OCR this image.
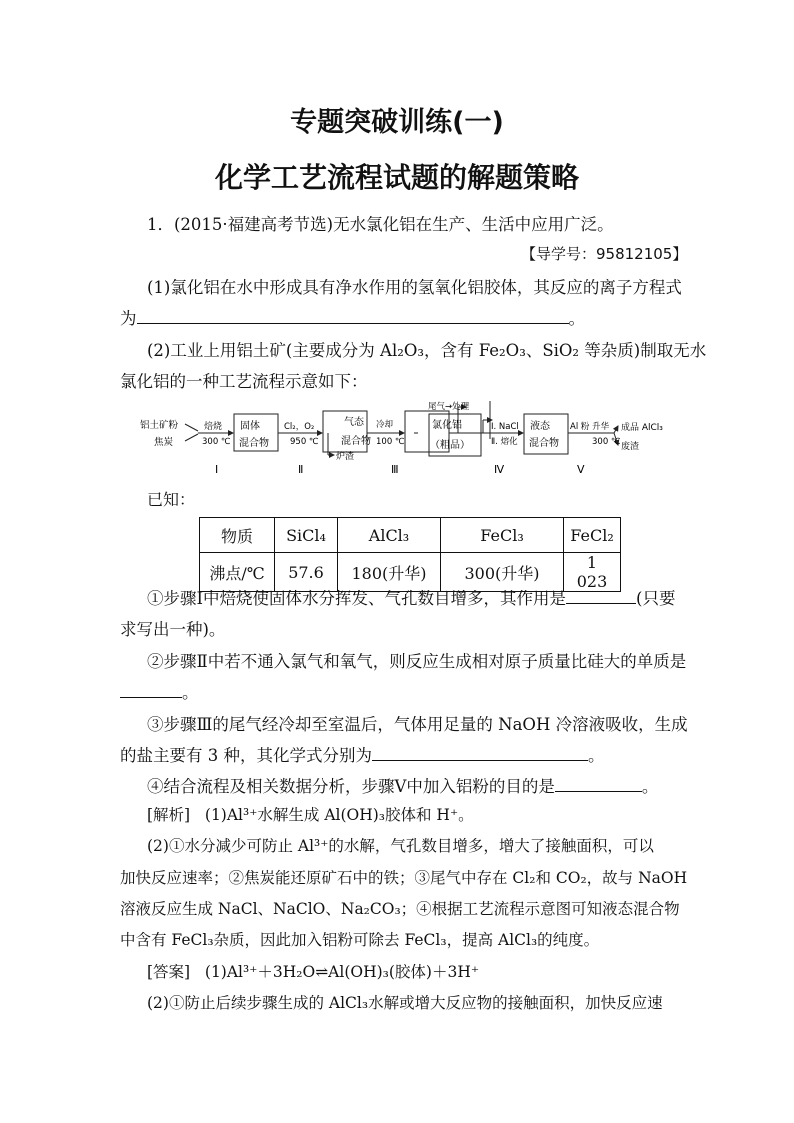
专题突破训练(一)
化学工艺流程试题的解题策略
1．(2015·福建高考节选)无水氯化铝在生产、生活中应用广泛。
【导学号：95812105】
(1)氯化铝在水中形成具有净水作用的氢氧化铝胶体，其反应的离子方程式
为	。
(2)工业上用铝土矿(主要成分为 Al₂O₃，含有 Fe₂O₃、SiO₂ 等杂质)制取无水
氯化铝的一种工艺流程示意如下：
铝土矿粉
焦炭
焙烧
300 ℃
固体
混合物
Cl₂，O₂
950 ℃
气态
混合物
炉渣
冷却
100 ℃
尾气→处理
氯化铝
（粗品）
Ⅰ. NaCl
Ⅱ. 熔化
液态
混合物
Al 粉 升华
300 ℃
成品 AlCl₃
废渣
Ⅰ	Ⅱ	Ⅲ	Ⅳ	Ⅴ
已知：
物质	SiCl₄	AlCl₃	FeCl₃	FeCl₂
沸点/℃	57.6	180(升华)	300(升华)	1 023
①步骤Ⅰ中焙烧使固体水分挥发、气孔数目增多，其作用是	(只要
求写出一种)。
②步骤Ⅱ中若不通入氯气和氧气，则反应生成相对原子质量比硅大的单质是
。
③步骤Ⅲ的尾气经冷却至室温后，气体用足量的 NaOH 冷溶液吸收，生成
的盐主要有 3 种，其化学式分别为	。
④结合流程及相关数据分析，步骤Ⅴ中加入铝粉的目的是	。
[解析] (1)Al³⁺水解生成 Al(OH)₃胶体和 H⁺。
(2)①水分减少可防止 Al³⁺的水解，气孔数目增多，增大了接触面积，可以
加快反应速率；②焦炭能还原矿石中的铁；③尾气中存在 Cl₂和 CO₂，故与 NaOH
溶液反应生成 NaCl、NaClO、Na₂CO₃；④根据工艺流程示意图可知液态混合物
中含有 FeCl₃杂质，因此加入铝粉可除去 FeCl₃，提高 AlCl₃的纯度。
[答案] (1)Al³⁺＋3H₂O⇌Al(OH)₃(胶体)＋3H⁺
(2)①防止后续步骤生成的 AlCl₃水解或增大反应物的接触面积，加快反应速
